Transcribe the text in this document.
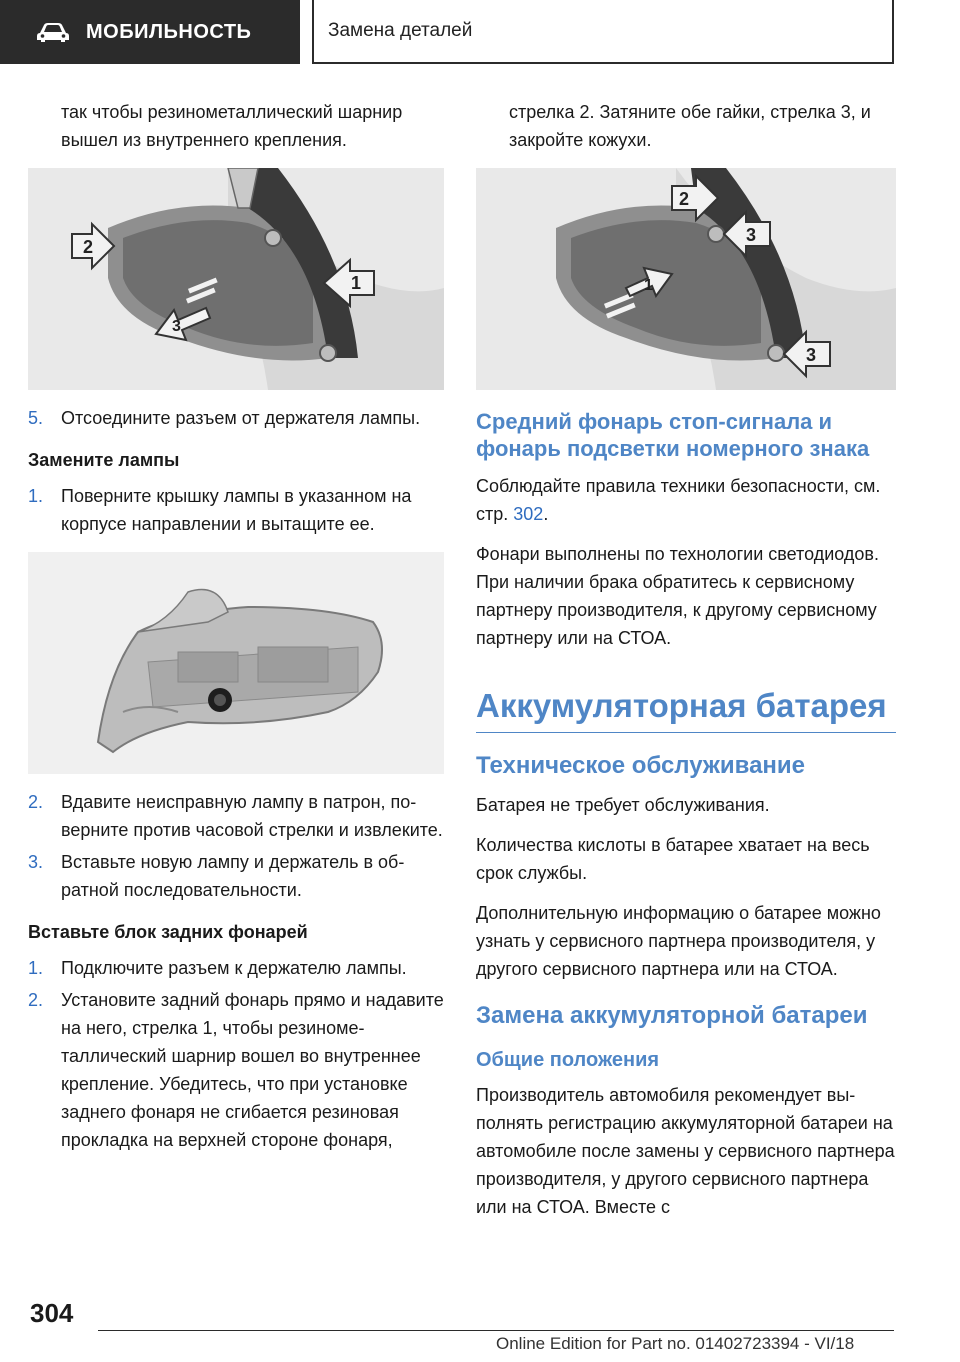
МОБИЛЬНОСТЬ	Замена деталей

так чтобы резинометаллический шарнир вышел из внутреннего крепления.

2
1
3
5. Отсоедините разъем от держателя лампы.
Замените лампы
1. Поверните крышку лампы в указанном на корпусе направлении и вытащите ее.
2. Вдавите неисправную лампу в патрон, поверните против часовой стрелки и извлеките.
3. Вставьте новую лампу и держатель в обратной последовательности.
Вставьте блок задних фонарей
1. Подключите разъем к держателю лампы.
2. Установите задний фонарь прямо и надавите на него, стрелка 1, чтобы резинометаллический шарнир вошел во внутреннее крепление. Убедитесь, что при установке заднего фонаря не сгибается резиновая прокладка на верхней стороне фонаря,

стрелка 2. Затяните обе гайки, стрелка 3, и закройте кожухи.

2
3
1
3
Средний фонарь стоп-сигнала и фонарь подсветки номерного знака

Соблюдайте правила техники безопасности, см. стр. 302.

Фонари выполнены по технологии светодиодов. При наличии брака обратитесь к сервисному партнеру производителя, к другому сервисному партнеру или на СТОА.

Аккумуляторная батарея
Техническое обслуживание

Батарея не требует обслуживания.

Количества кислоты в батарее хватает на весь срок службы.

Дополнительную информацию о батарее можно узнать у сервисного партнера производителя, у другого сервисного партнера или на СТОА.

Замена аккумуляторной батареи
Общие положения

Производитель автомобиля рекомендует выполнять регистрацию аккумуляторной батареи на автомобиле после замены у сервисного партнера производителя, у другого сервисного партнера или на СТОА. Вместе с

304
Online Edition for Part no. 01402723394 - VI/18
